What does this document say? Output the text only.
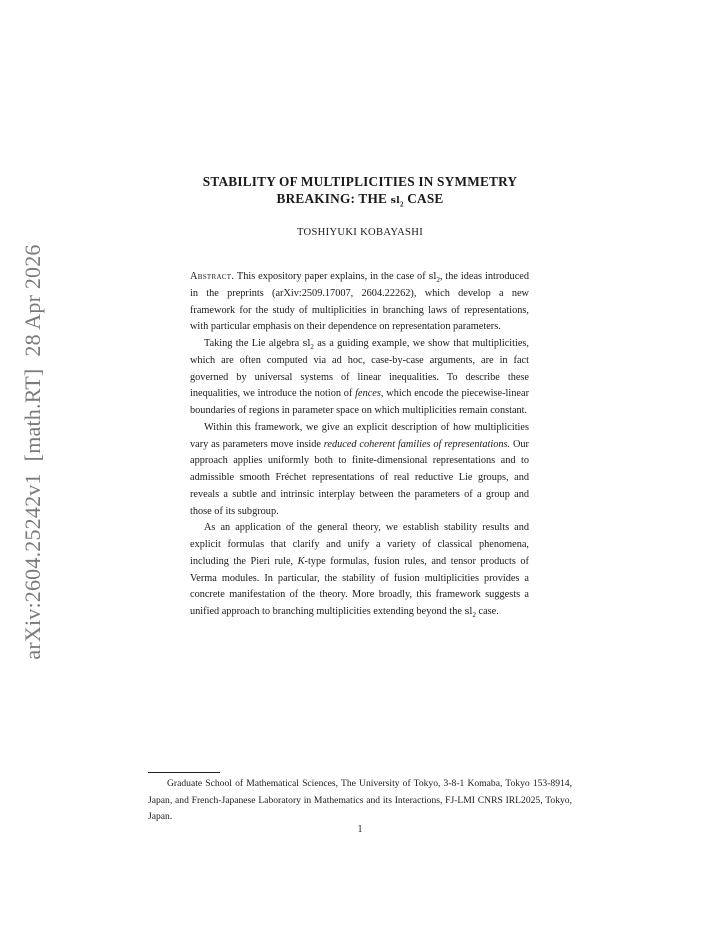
arXiv:2604.25242v1[math.RT]28 Apr 2026
STABILITY OF MULTIPLICITIES IN SYMMETRY
BREAKING: THE $sl_2$ CASE
TOSHIYUKI KOBAYASHI

Abstract. This expository paper explains, in the case of $sl_2$, the ideas introduced in the preprints (arXiv:2509.17007, 2604.22262), which develop a new framework for the study of multiplicities in branching laws of representations, with particular emphasis on their dependence on representation parameters.

Taking the Lie algebra $sl_2$ as a guiding example, we show that multiplicities, which are often computed via ad hoc, case-by-case arguments, are in fact governed by universal systems of linear inequalities. To describe these inequalities, we introduce the notion of fences, which encode the piecewise-linear boundaries of regions in parameter space on which multiplicities remain constant.

Within this framework, we give an explicit description of how multiplicities vary as parameters move inside reduced coherent families of representations. Our approach applies uniformly both to finite-dimensional representations and to admissible smooth Fréchet representations of real reductive Lie groups, and reveals a subtle and intrinsic interplay between the parameters of a group and those of its subgroup.

As an application of the general theory, we establish stability results and explicit formulas that clarify and unify a variety of classical phenomena, including the Pieri rule, K-type formulas, fusion rules, and tensor products of Verma modules. In particular, the stability of fusion multiplicities provides a concrete manifestation of the theory. More broadly, this framework suggests a unified approach to branching multiplicities extending beyond the $sl_2$ case.

Graduate School of Mathematical Sciences, The University of Tokyo, 3-8-1 Komaba, Tokyo 153-8914, Japan, and French-Japanese Laboratory in Mathematics and its Interactions, FJ-LMI CNRS IRL2025, Tokyo, Japan.

1
